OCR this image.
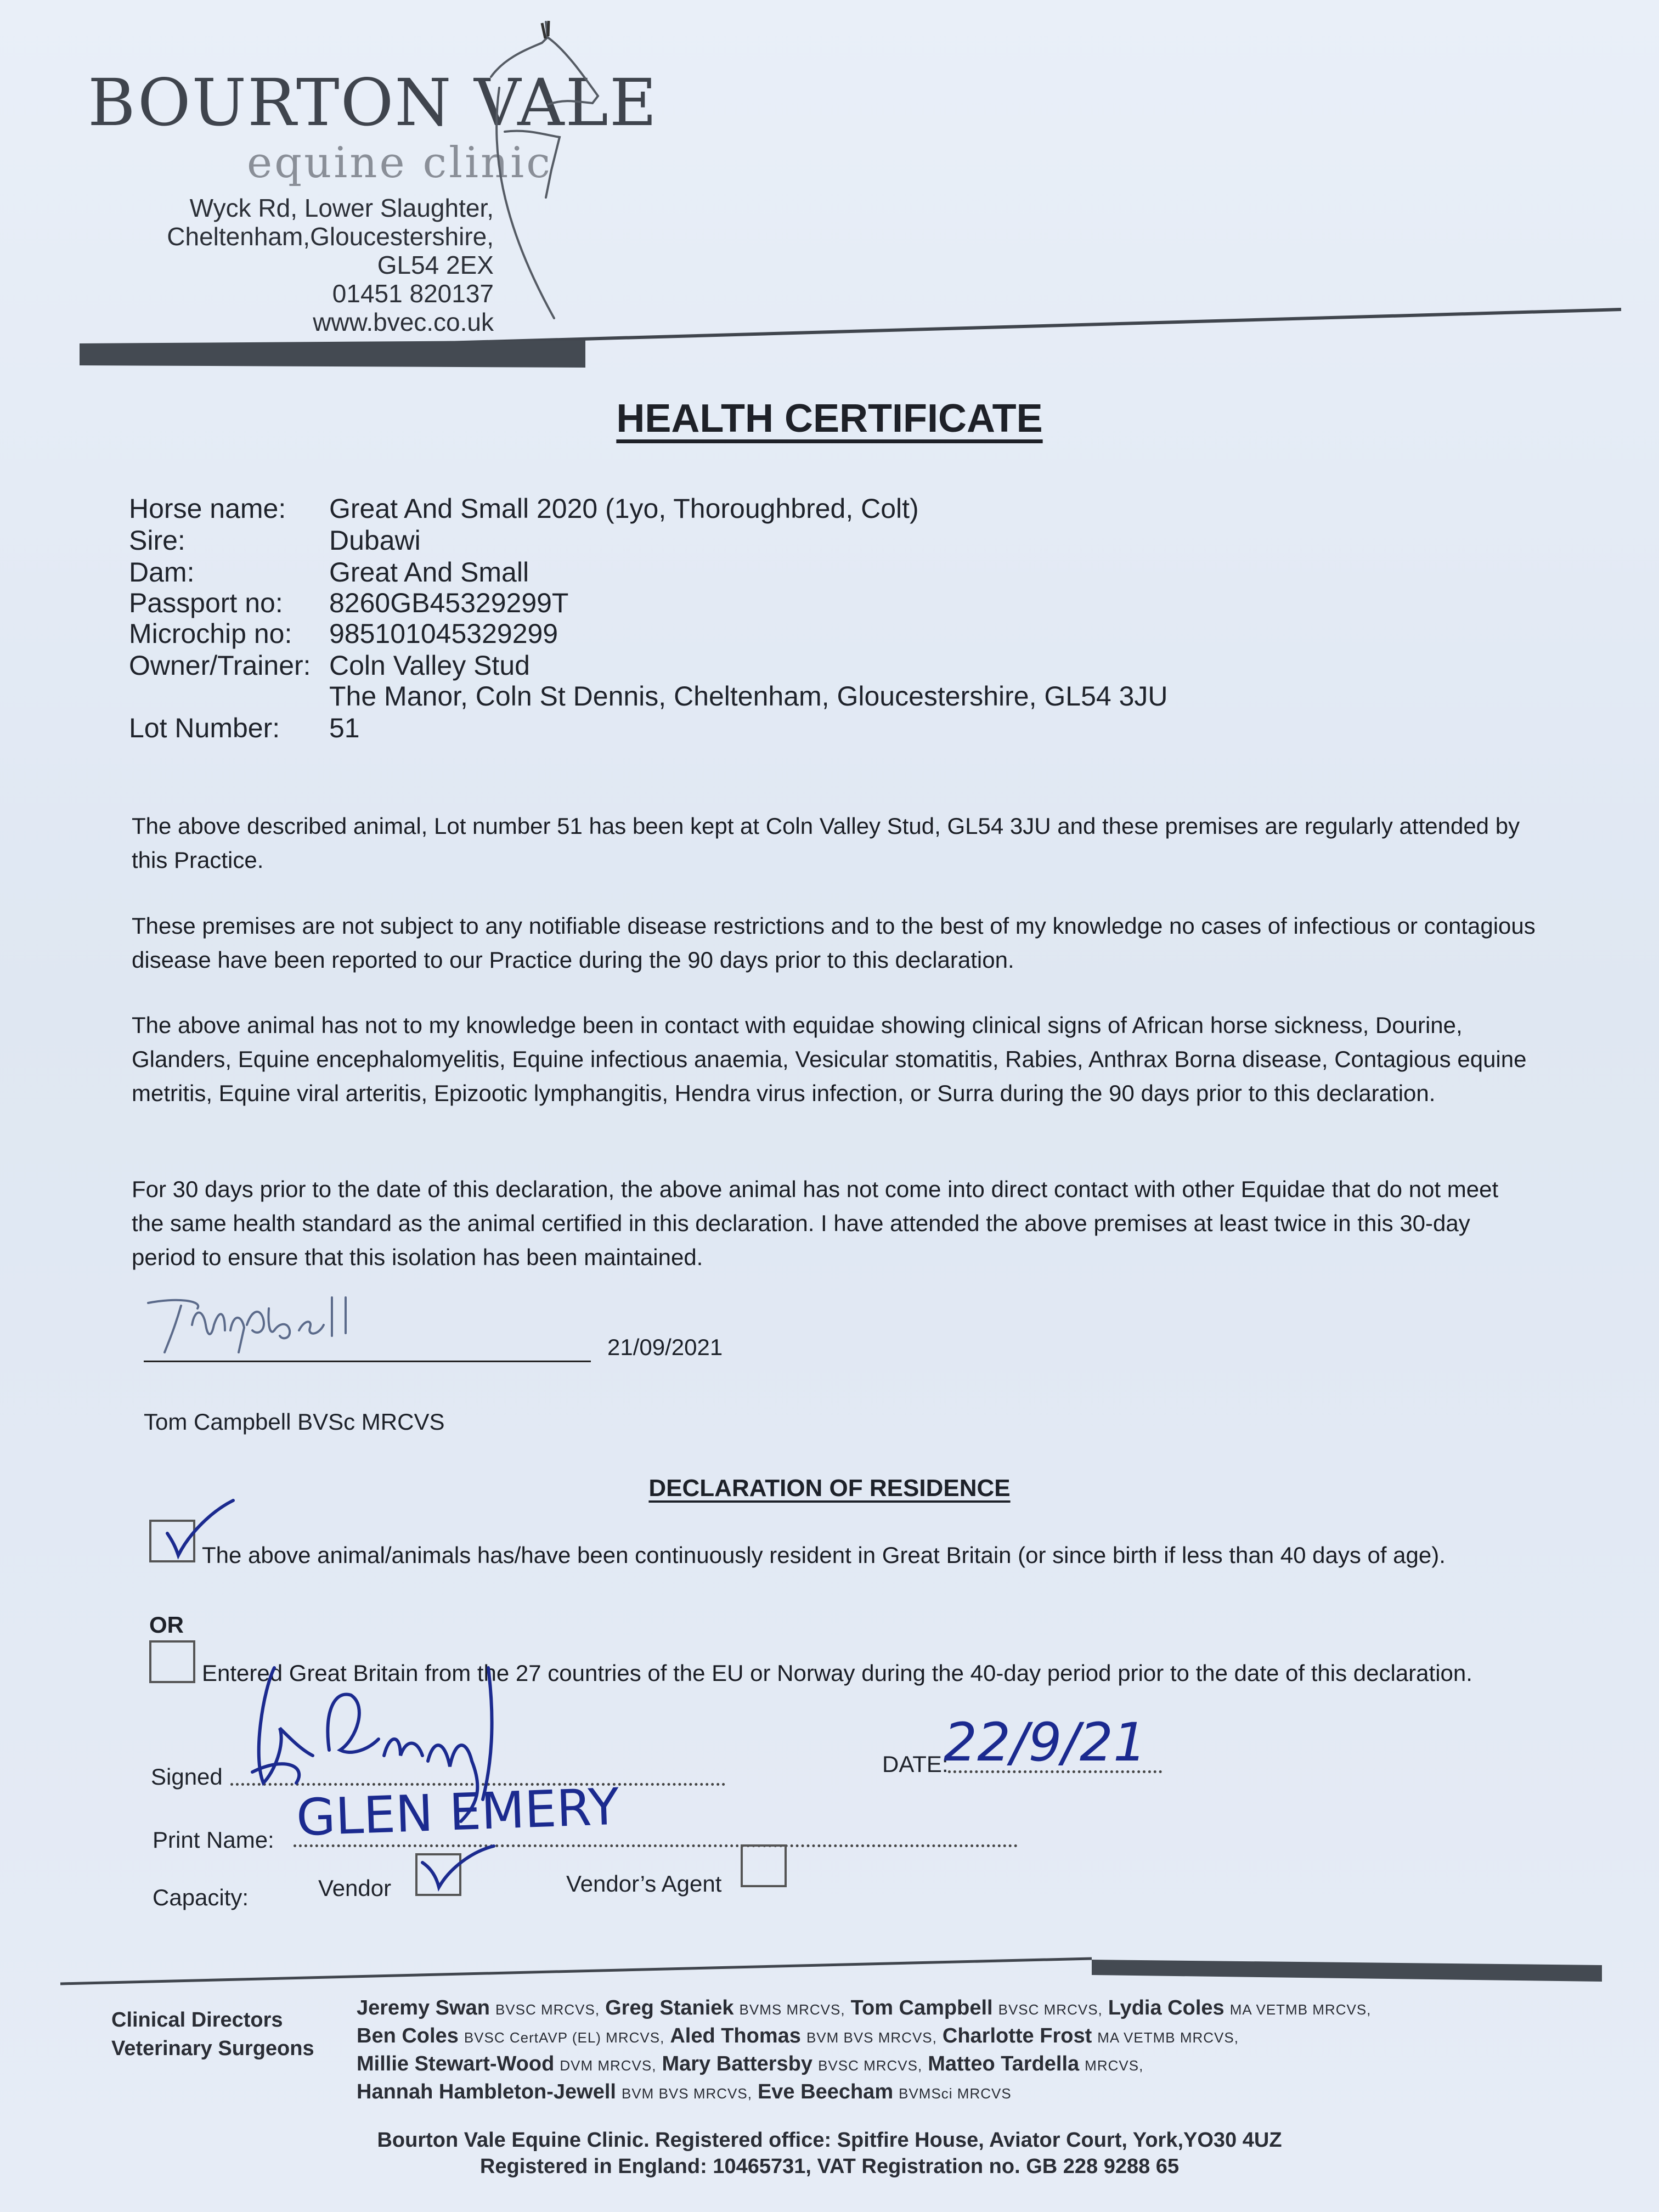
BOURTON VALE
equine clinic
Wyck Rd, Lower Slaughter,
Cheltenham,Gloucestershire,
GL54 2EX
01451 820137
www.bvec.co.uk
HEALTH CERTIFICATE
Horse name: Great And Small 2020 (1yo, Thoroughbred, Colt)
Sire:	Dubawi
Dam:	Great And Small
Passport no: 8260GB45329299T
Microchip no: 985101045329299
Owner/Trainer: Coln Valley Stud
The Manor, Coln St Dennis, Cheltenham, Gloucestershire, GL54 3JU
Lot Number: 51
The above described animal, Lot number 51 has been kept at Coln Valley Stud, GL54 3JU and these premises are regularly attended by this Practice.
These premises are not subject to any notifiable disease restrictions and to the best of my knowledge no cases of infectious or contagious disease have been reported to our Practice during the 90 days prior to this declaration.
The above animal has not to my knowledge been in contact with equidae showing clinical signs of African horse sickness, Dourine, Glanders, Equine encephalomyelitis, Equine infectious anaemia, Vesicular stomatitis, Rabies, Anthrax Borna disease, Contagious equine metritis, Equine viral arteritis, Epizootic lymphangitis, Hendra virus infection, or Surra during the 90 days prior to this declaration.
For 30 days prior to the date of this declaration, the above animal has not come into direct contact with other Equidae that do not meet the same health standard as the animal certified in this declaration. I have attended the above premises at least twice in this 30-day period to ensure that this isolation has been maintained.
21/09/2021
Tom Campbell BVSc MRCVS
DECLARATION OF RESIDENCE
The above animal/animals has/have been continuously resident in Great Britain (or since birth if less than 40 days of age).
OR
Entered Great Britain from the 27 countries of the EU or Norway during the 40-day period prior to the date of this declaration.
Signed	DATE:
22/9/21
Print Name: GLEN EMERY
Capacity:	Vendor	Vendor’s Agent
Clinical Directors
Veterinary Surgeons
Jeremy Swan BVSC MRCVS, Greg Staniek BVMS MRCVS, Tom Campbell BVSC MRCVS, Lydia Coles MA VETMB MRCVS,
Ben Coles BVSC CertAVP (EL) MRCVS, Aled Thomas BVM BVS MRCVS, Charlotte Frost MA VETMB MRCVS,
Millie Stewart-Wood DVM MRCVS, Mary Battersby BVSC MRCVS, Matteo Tardella MRCVS,
Hannah Hambleton-Jewell BVM BVS MRCVS, Eve Beecham BVMSci MRCVS
Bourton Vale Equine Clinic. Registered office: Spitfire House, Aviator Court, York,YO30 4UZ
Registered in England: 10465731, VAT Registration no. GB 228 9288 65
